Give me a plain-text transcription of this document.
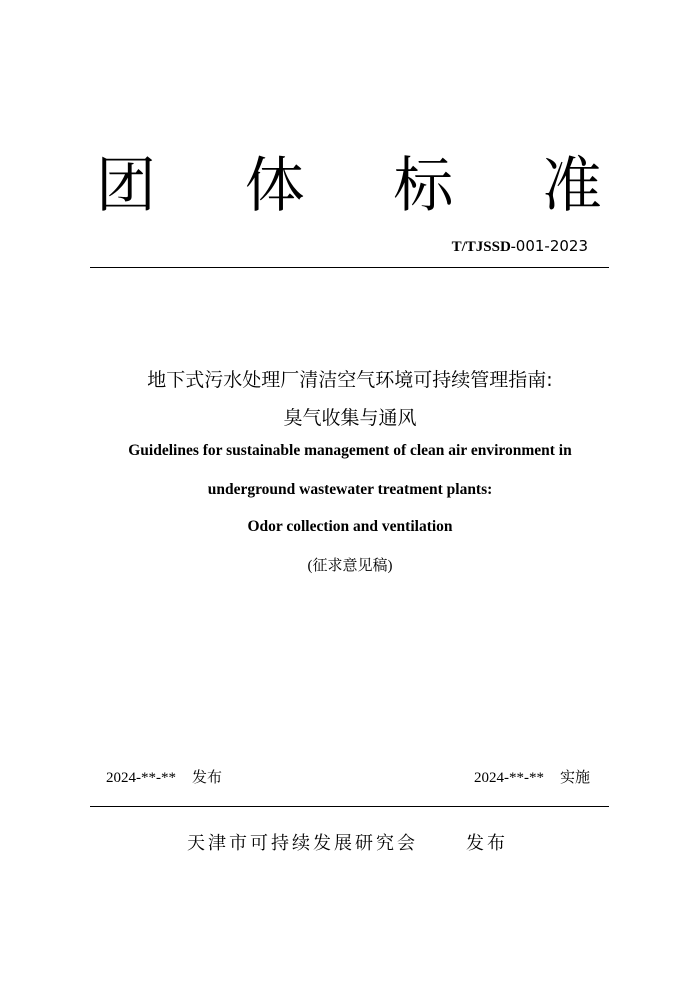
团 体 标 准
T/TJSSD-001-2023
地下式污水处理厂清洁空气环境可持续管理指南:
臭气收集与通风
Guidelines for sustainable management of clean air environment in
underground wastewater treatment plants:
Odor collection and ventilation
(征求意见稿)
2024-**-** 发布	2024-**-** 实施
天津市可持续发展研究会	发布
